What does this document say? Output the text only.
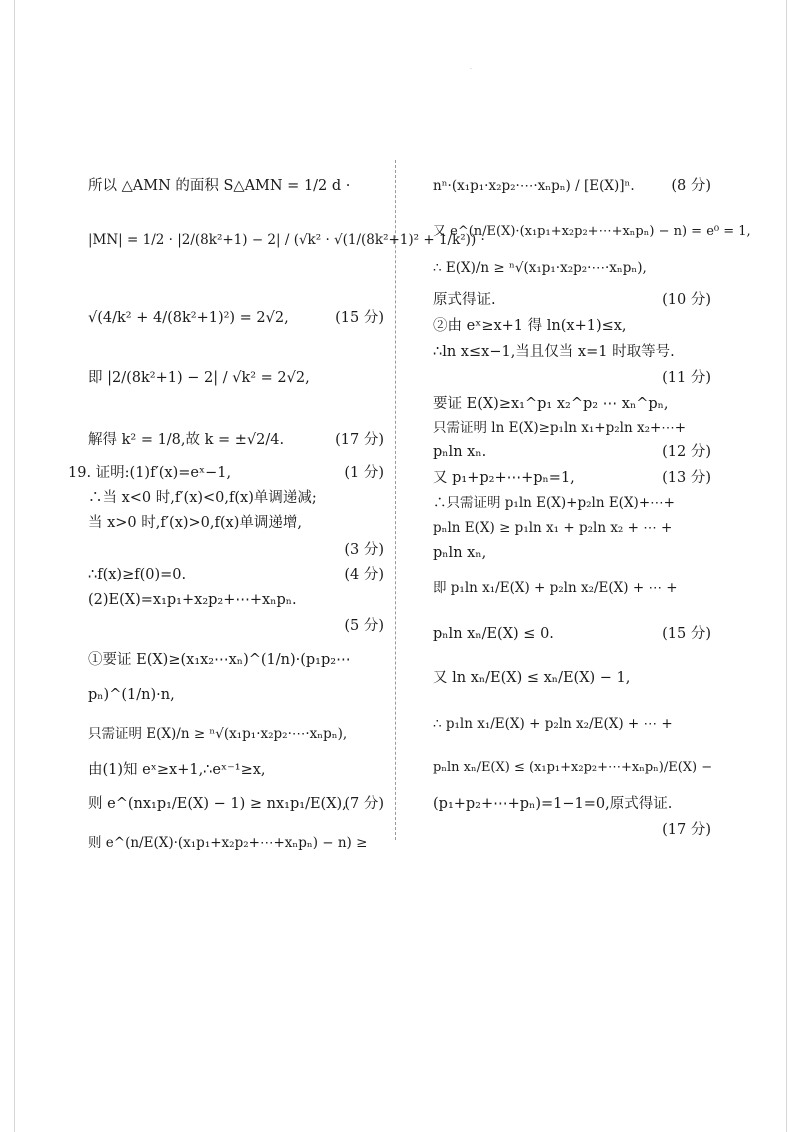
·
所以 △AMN 的面积 S△AMN = 1/2 d ·
|MN| = 1/2 · |2/(8k²+1) − 2| / (√k² · √(1/(8k²+1)² + 1/k²)) ·
√(4/k² + 4/(8k²+1)²) = 2√2,	(15 分)
即 |2/(8k²+1) − 2| / √k² = 2√2,
解得 k² = 1/8,故 k = ±√2/4.	(17 分)
19. 证明:(1)f′(x)=eˣ−1,	(1 分)
∴当 x<0 时,f′(x)<0,f(x)单调递减;
当 x>0 时,f′(x)>0,f(x)单调递增,
(3 分)
∴f(x)≥f(0)=0.	(4 分)
(2)E(X)=x₁p₁+x₂p₂+⋯+xₙpₙ.
(5 分)
①要证 E(X)≥(x₁x₂⋯xₙ)^(1/n)·(p₁p₂⋯
pₙ)^(1/n)·n,
只需证明 E(X)/n ≥ ⁿ√(x₁p₁·x₂p₂·⋯·xₙpₙ),
由(1)知 eˣ≥x+1,∴eˣ⁻¹≥x,
则 e^(nx₁p₁/E(X) − 1) ≥ nx₁p₁/E(X),
(7 分)
则 e^(n/E(X)·(x₁p₁+x₂p₂+⋯+xₙpₙ) − n) ≥
nⁿ·(x₁p₁·x₂p₂·⋯·xₙpₙ) / [E(X)]ⁿ.	(8 分)
又 e^(n/E(X)·(x₁p₁+x₂p₂+⋯+xₙpₙ) − n) = e⁰ = 1,
∴ E(X)/n ≥ ⁿ√(x₁p₁·x₂p₂·⋯·xₙpₙ),
原式得证.	(10 分)
②由 eˣ≥x+1 得 ln(x+1)≤x,
∴ln x≤x−1,当且仅当 x=1 时取等号.
(11 分)
要证 E(X)≥x₁^p₁ x₂^p₂ ⋯ xₙ^pₙ,
只需证明 ln E(X)≥p₁ln x₁+p₂ln x₂+⋯+
pₙln xₙ.	(12 分)
又 p₁+p₂+⋯+pₙ=1,	(13 分)
∴只需证明 p₁ln E(X)+p₂ln E(X)+⋯+
pₙln E(X) ≥ p₁ln x₁ + p₂ln x₂ + ⋯ +
pₙln xₙ,
即 p₁ln x₁/E(X) + p₂ln x₂/E(X) + ⋯ +
pₙln xₙ/E(X) ≤ 0.	(15 分)
又 ln xₙ/E(X) ≤ xₙ/E(X) − 1,
∴ p₁ln x₁/E(X) + p₂ln x₂/E(X) + ⋯ +
pₙln xₙ/E(X) ≤ (x₁p₁+x₂p₂+⋯+xₙpₙ)/E(X) −
(p₁+p₂+⋯+pₙ)=1−1=0,原式得证.
(17 分)
